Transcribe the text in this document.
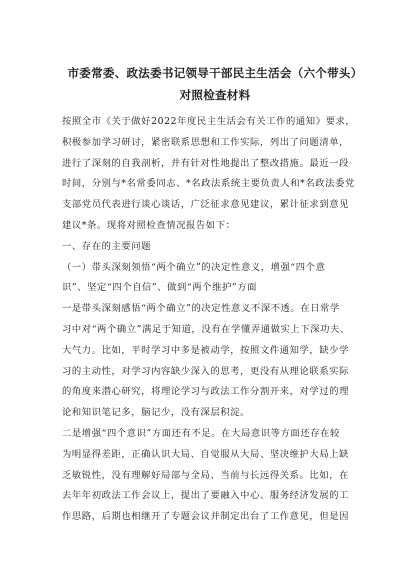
市委常委、政法委书记领导干部民主生活会（六个带头）
对照检查材料
按照全市《关于做好2022年度民主生活会有关工作的通知》要求，
积极参加学习研讨，紧密联系思想和工作实际，列出了问题清单，
进行了深刻的自我剖析，并有针对性地提出了整改措施。最近一段
时间，分别与*名常委同志、*名政法系统主要负责人和*名政法委党
支部党员代表进行谈心谈话，广泛征求意见建议，累计征求到意见
建议*条。现将对照检查情况报告如下：
一、存在的主要问题
（一）带头深刻领悟“两个确立”的决定性意义，增强“四个意
识”、坚定“四个自信”、做到“两个维护”方面
一是带头深刻感悟“两个确立”的决定性意义不深不透。在日常学
习中对“两个确立”满足于知道，没有在学懂弄通做实上下深功夫、
大气力。比如，平时学习中多是被动学，按照文件通知学，缺少学
习的主动性，对学习内容缺少深入的思考，更没有从理论联系实际
的角度来潜心研究，将理论学习与政法工作分割开来，对学过的理
论和知识笔记多，脑记少，没有深层积淀。
二是增强“四个意识”方面还有不足。在大局意识等方面还存在较
为明显得差距，正确认识大局、自觉服从大局、坚决维护大局上缺
乏敏锐性，没有理解好局部与全局、当前与长远得关系。比如，在
去年年初政法工作会议上，提出了要融入中心、服务经济发展的工
作思路，后期也相继开了专题会议并制定出台了工作意见，但是因
